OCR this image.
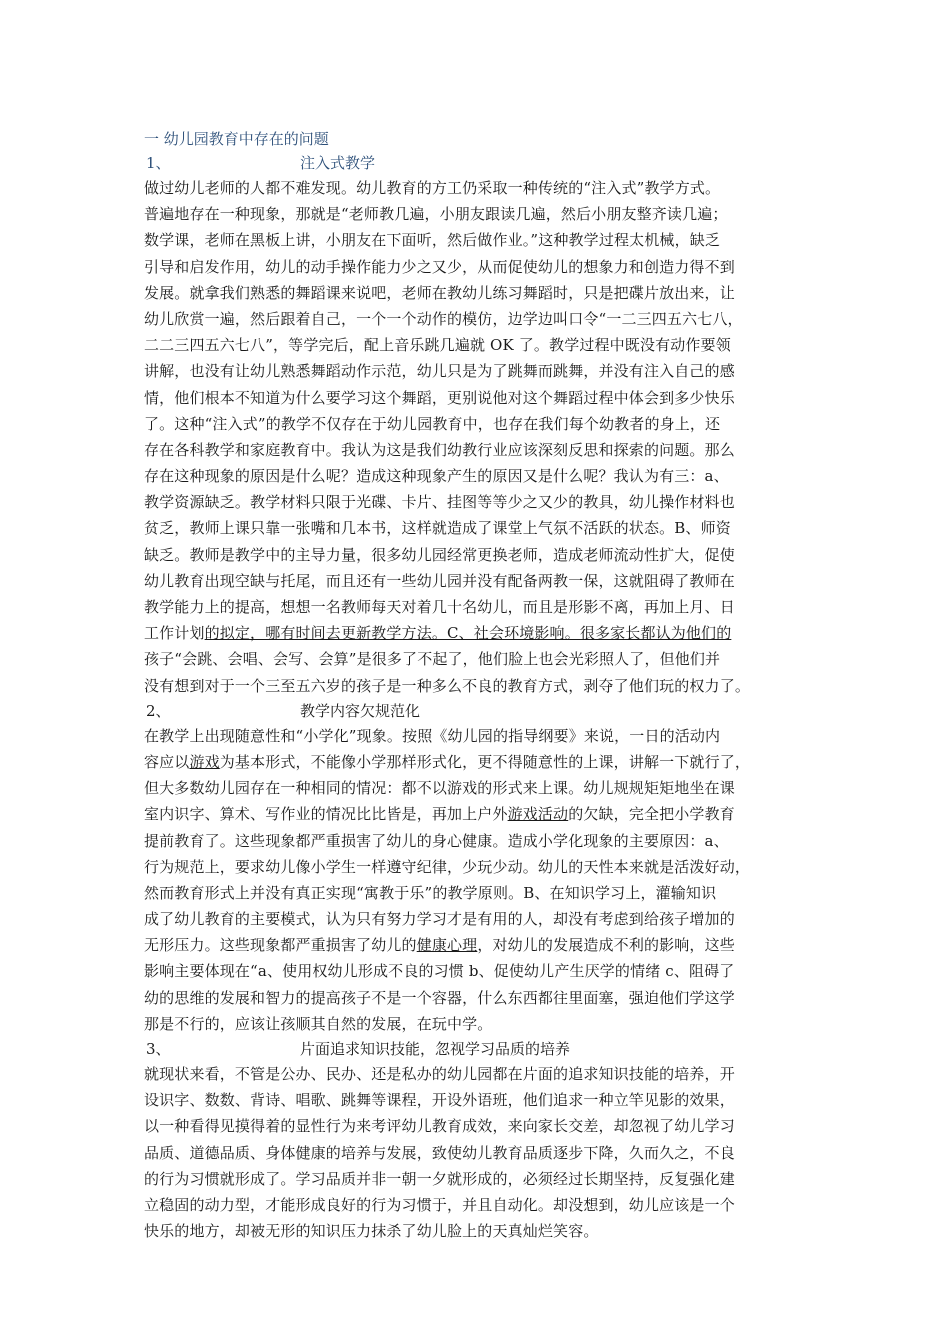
一 幼儿园教育中存在的问题
1、	注入式教学
做过幼儿老师的人都不难发现。幼儿教育的方工仍采取一种传统的“注入式”教学方式。
普遍地存在一种现象，那就是“老师教几遍，小朋友跟读几遍，然后小朋友整齐读几遍；
数学课，老师在黑板上讲，小朋友在下面听，然后做作业。”这种教学过程太机械，缺乏
引导和启发作用，幼儿的动手操作能力少之又少，从而促使幼儿的想象力和创造力得不到
发展。就拿我们熟悉的舞蹈课来说吧，老师在教幼儿练习舞蹈时，只是把碟片放出来，让
幼儿欣赏一遍，然后跟着自己，一个一个动作的模仿，边学边叫口令“一二三四五六七八，
二二三四五六七八”，等学完后，配上音乐跳几遍就 OK 了。教学过程中既没有动作要领
讲解，也没有让幼儿熟悉舞蹈动作示范，幼儿只是为了跳舞而跳舞，并没有注入自己的感
情，他们根本不知道为什么要学习这个舞蹈，更别说他对这个舞蹈过程中体会到多少快乐
了。这种“注入式”的教学不仅存在于幼儿园教育中，也存在我们每个幼教者的身上，还
存在各科教学和家庭教育中。我认为这是我们幼教行业应该深刻反思和探索的问题。那么
存在这种现象的原因是什么呢？造成这种现象产生的原因又是什么呢？我认为有三：a、
教学资源缺乏。教学材料只限于光碟、卡片、挂图等等少之又少的教具，幼儿操作材料也
贫乏，教师上课只靠一张嘴和几本书，这样就造成了课堂上气氛不活跃的状态。B、师资
缺乏。教师是教学中的主导力量，很多幼儿园经常更换老师，造成老师流动性扩大，促使
幼儿教育出现空缺与托尾，而且还有一些幼儿园并没有配备两教一保，这就阻碍了教师在
教学能力上的提高，想想一名教师每天对着几十名幼儿，而且是形影不离，再加上月、日
工作计划的拟定，哪有时间去更新教学方法。C、社会环境影响。很多家长都认为他们的
孩子“会跳、会唱、会写、会算”是很多了不起了，他们脸上也会光彩照人了，但他们并
没有想到对于一个三至五六岁的孩子是一种多么不良的教育方式，剥夺了他们玩的权力了。
2、	教学内容欠规范化
在教学上出现随意性和“小学化”现象。按照《幼儿园的指导纲要》来说，一日的活动内
容应以游戏为基本形式，不能像小学那样形式化，更不得随意性的上课，讲解一下就行了，
但大多数幼儿园存在一种相同的情况：都不以游戏的形式来上课。幼儿规规矩矩地坐在课
室内识字、算术、写作业的情况比比皆是，再加上户外游戏活动的欠缺，完全把小学教育
提前教育了。这些现象都严重损害了幼儿的身心健康。造成小学化现象的主要原因：a、
行为规范上，要求幼儿像小学生一样遵守纪律，少玩少动。幼儿的天性本来就是活泼好动，
然而教育形式上并没有真正实现“寓教于乐”的教学原则。B、在知识学习上，灌输知识
成了幼儿教育的主要模式，认为只有努力学习才是有用的人，却没有考虑到给孩子增加的
无形压力。这些现象都严重损害了幼儿的健康心理，对幼儿的发展造成不利的影响，这些
影响主要体现在“a、使用权幼儿形成不良的习惯 b、促使幼儿产生厌学的情绪 c、阻碍了
幼的思维的发展和智力的提高孩子不是一个容器，什么东西都往里面塞，强迫他们学这学
那是不行的，应该让孩顺其自然的发展，在玩中学。
3、	片面追求知识技能，忽视学习品质的培养
就现状来看，不管是公办、民办、还是私办的幼儿园都在片面的追求知识技能的培养，开
设识字、数数、背诗、唱歌、跳舞等课程，开设外语班，他们追求一种立竿见影的效果，
以一种看得见摸得着的显性行为来考评幼儿教育成效，来向家长交差，却忽视了幼儿学习
品质、道德品质、身体健康的培养与发展，致使幼儿教育品质逐步下降，久而久之，不良
的行为习惯就形成了。学习品质并非一朝一夕就形成的，必须经过长期坚持，反复强化建
立稳固的动力型，才能形成良好的行为习惯于，并且自动化。却没想到，幼儿应该是一个
快乐的地方，却被无形的知识压力抹杀了幼儿脸上的天真灿烂笑容。
